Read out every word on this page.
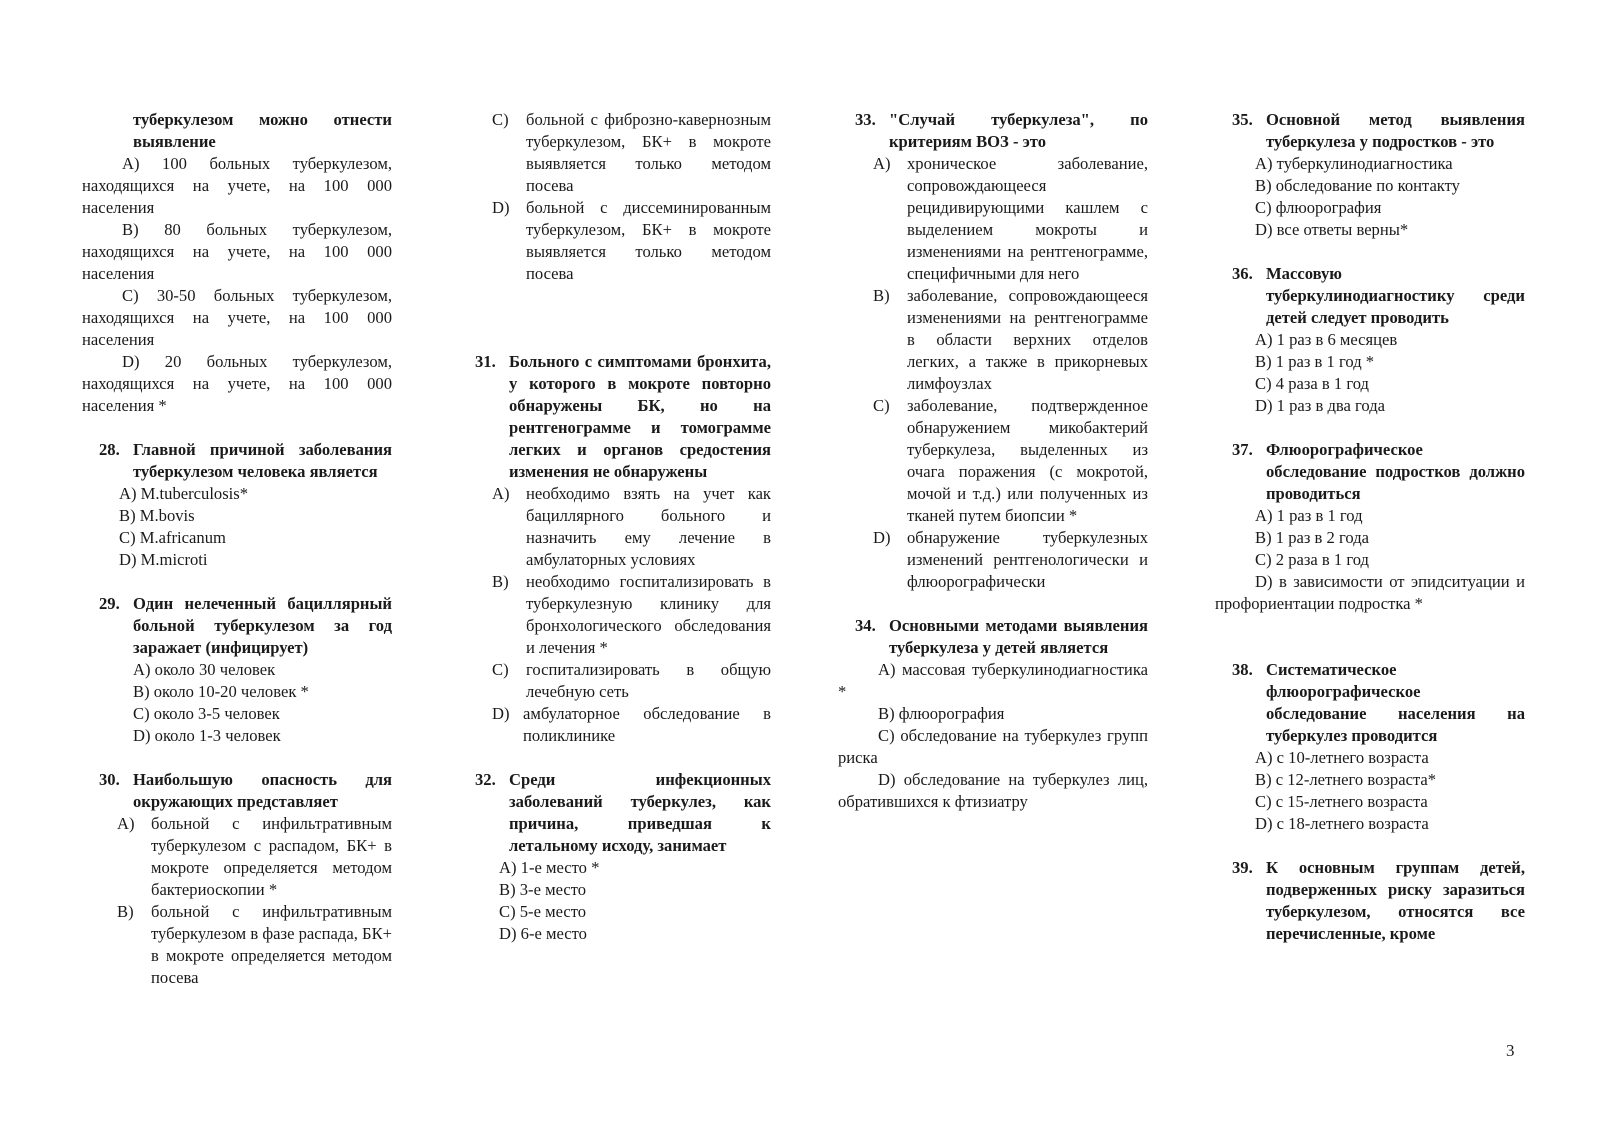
туберкулезом можно отнести выявление
А) 100 больных туберкулезом, находящихся на учете, на 100 000 населения
B) 80 больных туберкулезом, находящихся на учете, на 100 000 населения
C) 30-50 больных туберкулезом, находящихся на учете, на 100 000 населения
D) 20 больных туберкулезом, находящихся на учете, на 100 000 населения *
28. Главной причиной заболевания туберкулезом человека является
А) M.tuberculosis*
B) M.bovis
C) M.africanum
D) M.microti
29. Один нелеченный бациллярный больной туберкулезом за год заражает (инфицирует)
А) около 30 человек
B) около 10-20 человек *
C) около 3-5 человек
D) около 1-3 человек
30. Наибольшую опасность для окружающих представляет
А) больной с инфильтративным туберкулезом с распадом, БК+ в мокроте определяется методом бактериоскопии *
B) больной с инфильтративным туберкулезом в фазе распада, БК+ в мокроте определяется методом посева
C) больной с фиброзно-кавернозным туберкулезом, БК+ в мокроте выявляется только методом посева
D) больной с диссеминированным туберкулезом, БК+ в мокроте выявляется только методом посева
31. Больного с симптомами бронхита, у которого в мокроте повторно обнаружены БК, но на рентгенограмме и томограмме легких и органов средостения изменения не обнаружены
А) необходимо взять на учет как бациллярного больного и назначить ему лечение в амбулаторных условиях
B) необходимо госпитализировать в туберкулезную клинику для бронхологического обследования и лечения *
C) госпитализировать в общую лечебную сеть
D) амбулаторное обследование в поликлинике
32. Среди инфекционных заболеваний туберкулез, как причина, приведшая к летальному исходу, занимает
А) 1-е место *
B) 3-е место
C) 5-е место
D) 6-е место
33. "Случай туберкулеза", по критериям ВОЗ - это
А) хроническое заболевание, сопровождающееся рецидивирующими кашлем с выделением мокроты и изменениями на рентгенограмме, специфичными для него
B) заболевание, сопровождающееся изменениями на рентгенограмме в области верхних отделов легких, а также в прикорневых лимфоузлах
C) заболевание, подтвержденное обнаружением микобактерий туберкулеза, выделенных из очага поражения (с мокротой, мочой и т.д.) или полученных из тканей путем биопсии *
D) обнаружение туберкулезных изменений рентгенологически и флюорографически
34. Основными методами выявления туберкулеза у детей является
А) массовая туберкулинодиагностика *
B) флюорография
C) обследование на туберкулез групп риска
D) обследование на туберкулез лиц, обратившихся к фтизиатру
35. Основной метод выявления туберкулеза у подростков - это
А) туберкулинодиагностика
B) обследование по контакту
C) флюорография
D) все ответы верны*
36. Массовую туберкулинодиагностику среди детей следует проводить
А) 1 раз в 6 месяцев
B) 1 раз в 1 год *
C) 4 раза в 1 год
D) 1 раз в два года
37. Флюорографическое обследование подростков должно проводиться
А) 1 раз в 1 год
B) 1 раз в 2 года
C) 2 раза в 1 год
D) в зависимости от эпидситуации и профориентации подростка *
38. Систематическое флюорографическое обследование населения на туберкулез проводится
А) с 10-летнего возраста
B) с 12-летнего возраста*
C) с 15-летнего возраста
D) с 18-летнего возраста
39. К основным группам детей, подверженных риску заразиться туберкулезом, относятся все перечисленные, кроме
3
